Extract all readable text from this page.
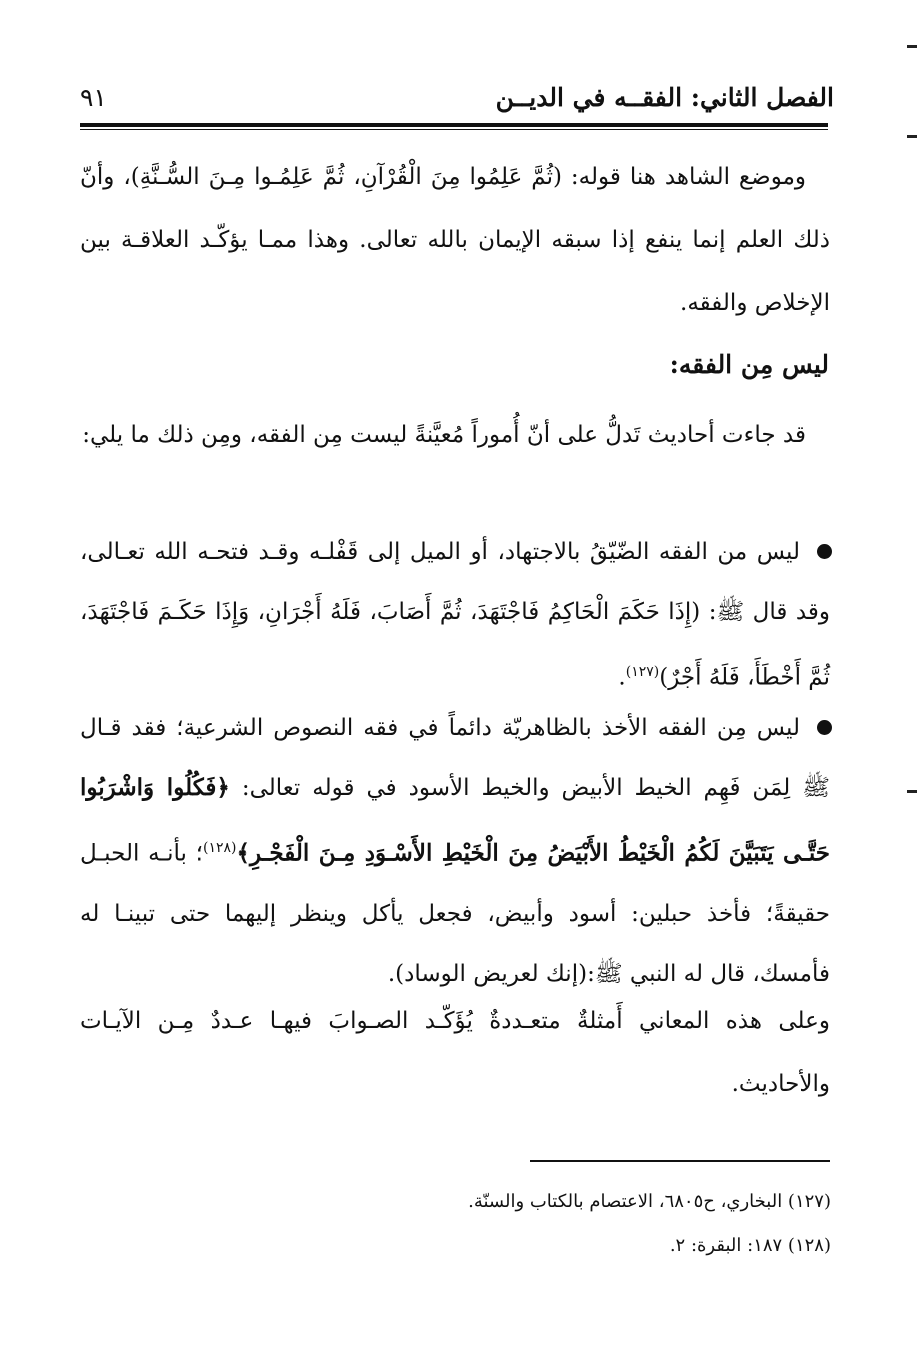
الفصل الثاني: الفقــه في الديــن
٩١
وموضع الشاهد هنا قوله: (ثُمَّ عَلِمُوا مِنَ الْقُرْآنِ، ثُمَّ عَلِمُـوا مِـنَ السُّـنَّةِ)، وأنّ ذلك العلم إنما ينفع إذا سبقه الإيمان بالله تعالى. وهذا ممـا يؤكّـد العلاقـة بين الإخلاص والفقه.
ليس مِن الفقه:
قد جاءت أحاديث تَدلُّ على أنّ أُموراً مُعيَّنةً ليست مِن الفقه، ومِن ذلك ما يلي:
ليس من الفقه الضّيّقُ بالاجتهاد، أو الميل إلى قَفْلـه وقـد فتحـه الله تعـالى، وقد قال ﷺ: (إِذَا حَكَمَ الْحَاكِمُ فَاجْتَهَدَ، ثُمَّ أَصَابَ، فَلَهُ أَجْرَانِ، وَإِذَا حَكَـمَ فَاجْتَهَدَ، ثُمَّ أَخْطَأَ، فَلَهُ أَجْرٌ)$^{(١٢٧)}$.
ليس مِن الفقه الأخذ بالظاهريّة دائماً في فقه النصوص الشرعية؛ فقد قـال ﷺ لِمَن فَهِم الخيط الأبيض والخيط الأسود في قوله تعالى: ﴿فَكُلُوا وَاشْرَبُوا حَتَّـى يَتَبَيَّنَ لَكُمُ الْخَيْطُ الأَبْيَضُ مِنَ الْخَيْطِ الأَسْـوَدِ مِـنَ الْفَجْـرِ﴾$^{(١٢٨)}$؛ بأنـه الحبـل حقيقةً؛ فأخذ حبلين: أسود وأبيض، فجعل يأكل وينظر إليهما حتى تبينـا له فأمسك، قال له النبي ﷺ:(إنك لعريض الوساد).
وعلى هذه المعاني أَمثلةٌ متعـددةٌ يُؤَكّـد الصـوابَ فيهـا عـددٌ مِـن الآيـات والأحاديث.
(١٢٧) البخاري، ح٦٨٠٥، الاعتصام بالكتاب والسنّة.
(١٢٨) ١٨٧: البقرة: ٢.
